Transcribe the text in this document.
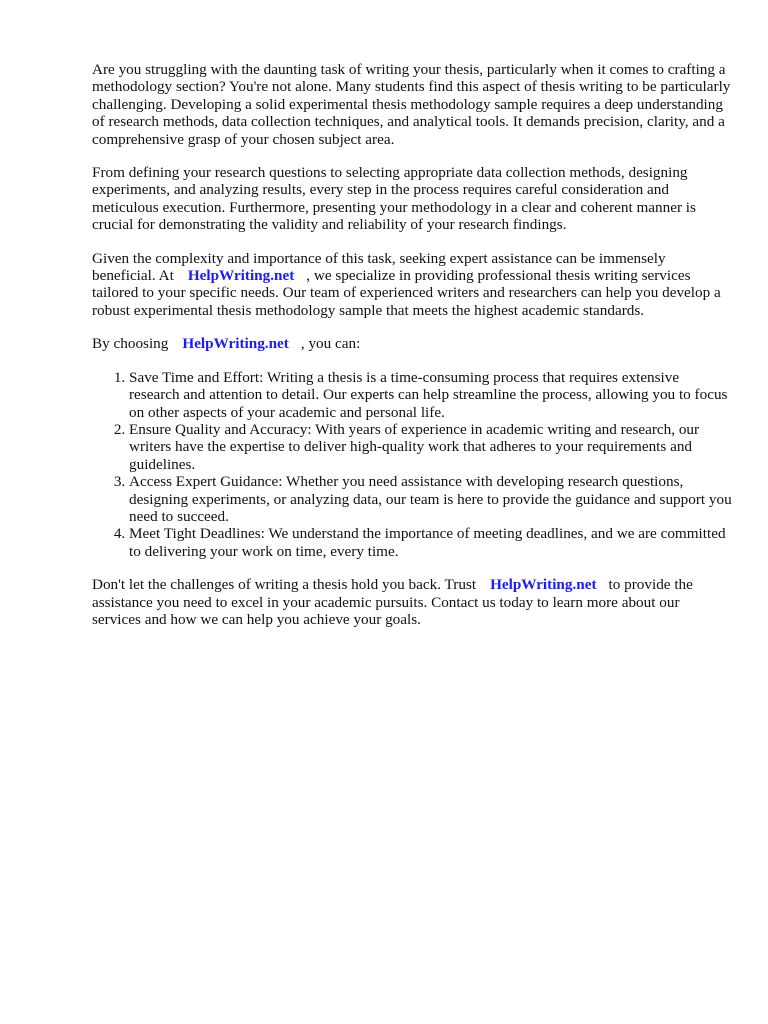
Are you struggling with the daunting task of writing your thesis, particularly when it comes to crafting a methodology section? You're not alone. Many students find this aspect of thesis writing to be particularly challenging. Developing a solid experimental thesis methodology sample requires a deep understanding of research methods, data collection techniques, and analytical tools. It demands precision, clarity, and a comprehensive grasp of your chosen subject area.

From defining your research questions to selecting appropriate data collection methods, designing experiments, and analyzing results, every step in the process requires careful consideration and meticulous execution. Furthermore, presenting your methodology in a clear and coherent manner is crucial for demonstrating the validity and reliability of your research findings.

Given the complexity and importance of this task, seeking expert assistance can be immensely beneficial. At HelpWriting.net , we specialize in providing professional thesis writing services tailored to your specific needs. Our team of experienced writers and researchers can help you develop a robust experimental thesis methodology sample that meets the highest academic standards.

By choosing HelpWriting.net , you can:

1. Save Time and Effort: Writing a thesis is a time-consuming process that requires extensive research and attention to detail. Our experts can help streamline the process, allowing you to focus on other aspects of your academic and personal life.
2. Ensure Quality and Accuracy: With years of experience in academic writing and research, our writers have the expertise to deliver high-quality work that adheres to your requirements and guidelines.
3. Access Expert Guidance: Whether you need assistance with developing research questions, designing experiments, or analyzing data, our team is here to provide the guidance and support you need to succeed.
4. Meet Tight Deadlines: We understand the importance of meeting deadlines, and we are committed to delivering your work on time, every time.

Don't let the challenges of writing a thesis hold you back. Trust HelpWriting.net to provide the assistance you need to excel in your academic pursuits. Contact us today to learn more about our services and how we can help you achieve your goals.
